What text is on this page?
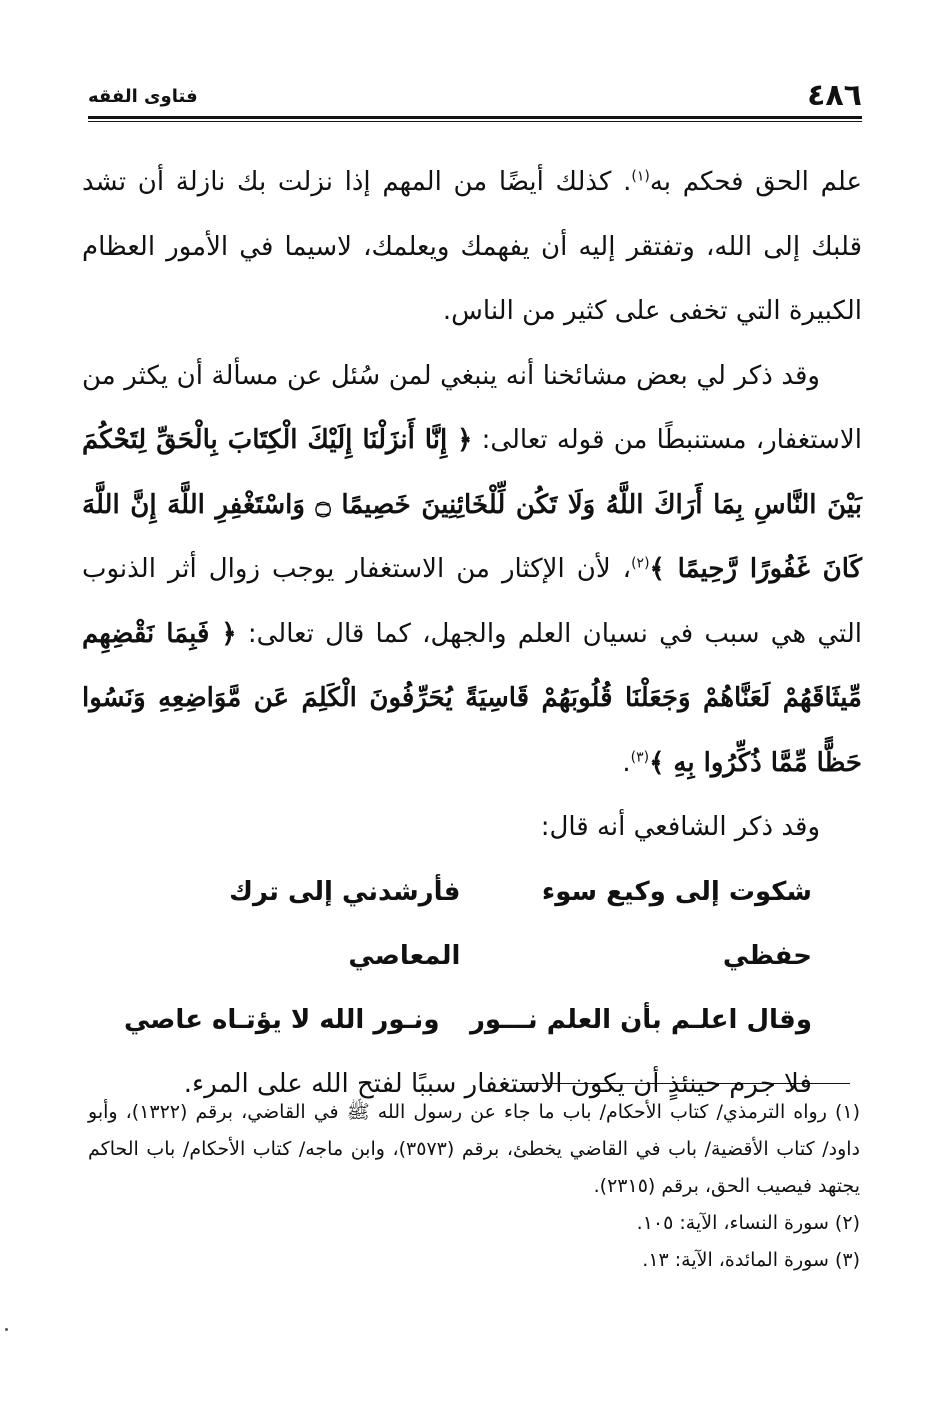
٤٨٦
فتاوى الفقه

علم الحق فحكم به$^{(١)}$. كذلك أيضًا من المهم إذا نزلت بك نازلة أن تشد قلبك إلى الله، وتفتقر إليه أن يفهمك ويعلمك، لاسيما في الأمور العظام الكبيرة التي تخفى على كثير من الناس.

وقد ذكر لي بعض مشائخنا أنه ينبغي لمن سُئل عن مسألة أن يكثر من الاستغفار، مستنبطًا من قوله تعالى: ﴿ إِنَّا أَنزَلْنَا إِلَيْكَ الْكِتَابَ بِالْحَقِّ لِتَحْكُمَ بَيْنَ النَّاسِ بِمَا أَرَاكَ اللَّهُ وَلَا تَكُن لِّلْخَائِنِينَ خَصِيمًا ۝ وَاسْتَغْفِرِ اللَّهَ إِنَّ اللَّهَ كَانَ غَفُورًا رَّحِيمًا ﴾$^{(٢)}$، لأن الإكثار من الاستغفار يوجب زوال أثر الذنوب التي هي سبب في نسيان العلم والجهل، كما قال تعالى: ﴿ فَبِمَا نَقْضِهِم مِّيثَاقَهُمْ لَعَنَّاهُمْ وَجَعَلْنَا قُلُوبَهُمْ قَاسِيَةً يُحَرِّفُونَ الْكَلِمَ عَن مَّوَاضِعِهِ وَنَسُوا حَظًّا مِّمَّا ذُكِّرُوا بِهِ ﴾$^{(٣)}$.

وقد ذكر الشافعي أنه قال:

شكوت إلى وكيع سوء حفظي
فأرشدني إلى ترك المعاصي
وقال اعلـم بأن العلم نـــور
ونـور الله لا يؤتـاه عاصي

فلا جرم حينئذٍ أن يكون الاستغفار سببًا لفتح الله على المرء.

(١) رواه الترمذي/ كتاب الأحكام/ باب ما جاء عن رسول الله ﷺ في القاضي، برقم (١٣٢٢)، وأبو داود/ كتاب الأقضية/ باب في القاضي يخطئ، برقم (٣٥٧٣)، وابن ماجه/ كتاب الأحكام/ باب الحاكم يجتهد فيصيب الحق، برقم (٢٣١٥).

(٢) سورة النساء، الآية: ١٠٥.

(٣) سورة المائدة، الآية: ١٣.
